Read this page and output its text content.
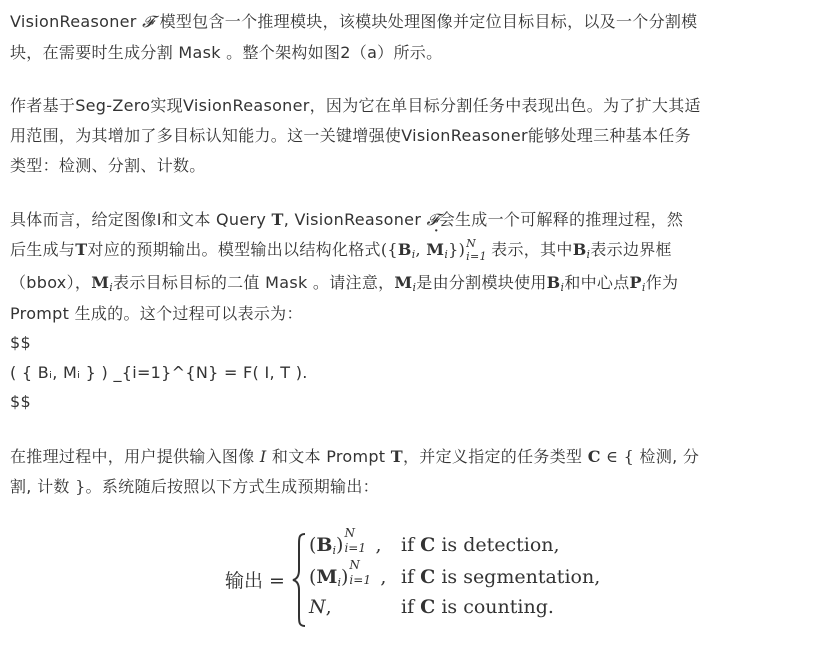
VisionReasoner 𝓕 模型包含一个推理模块，该模块处理图像并定位目标目标，以及一个分割模
块，在需要时生成分割 Mask 。整个架构如图2（a）所示。
作者基于Seg-Zero实现VisionReasoner，因为它在单目标分割任务中表现出色。为了扩大其适
用范围，为其增加了多目标认知能力。这一关键增强使VisionReasoner能够处理三种基本任务
类型：检测、分割、计数。
具体而言，给定图像I和文本 Query T, VisionReasoner 𝓕会生成一个可解释的推理过程，然
后生成与T对应的预期输出。模型输出以结构化格式({$B_i$, ˙ $M_i$}) N
i=1 表示，其中$B_i$表示边界框
（bbox），$M_i$表示目标目标的二值 Mask 。请注意，$M_i$是由分割模块使用$B_i$和中心点$P_i$作为
Prompt 生成的。这个过程可以表示为：
$$
( { Bᵢ, Mᵢ } ) _{i=1}^{N} = F( I, T ).
$$
在推理过程中，用户提供输入图像 I 和文本 Prompt T，并定义指定的任务类型 C ∈ { 检测, 分
割, 计数 }。系统随后按照以下方式生成预期输出：
输出 =
$(B_i)$
N
i=1 , if C is detection,
$(M_i)$
N
i=1 , if C is segmentation,
N,	if C is counting.
